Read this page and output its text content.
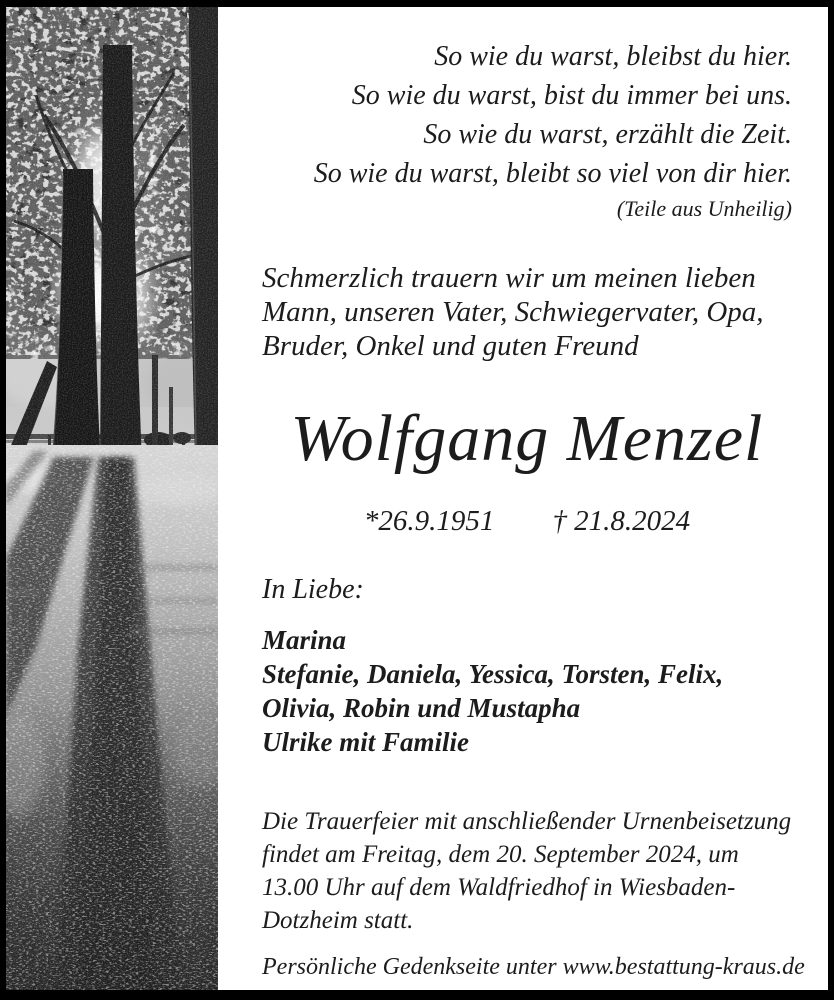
So wie du warst, bleibst du hier.
So wie du warst, bist du immer bei uns.
So wie du warst, erzählt die Zeit.
So wie du warst, bleibt so viel von dir hier.
(Teile aus Unheilig)
Schmerzlich trauern wir um meinen lieben
Mann, unseren Vater, Schwiegervater, Opa,
Bruder, Onkel und guten Freund
Wolfgang Menzel
*26.9.1951 † 21.8.2024
In Liebe:
Marina
Stefanie, Daniela, Yessica, Torsten, Felix,
Olivia, Robin und Mustapha
Ulrike mit Familie
Die Trauerfeier mit anschließender Urnenbeisetzung
findet am Freitag, dem 20. September 2024, um
13.00 Uhr auf dem Waldfriedhof in Wiesbaden-
Dotzheim statt.
Persönliche Gedenkseite unter www.bestattung-kraus.de
